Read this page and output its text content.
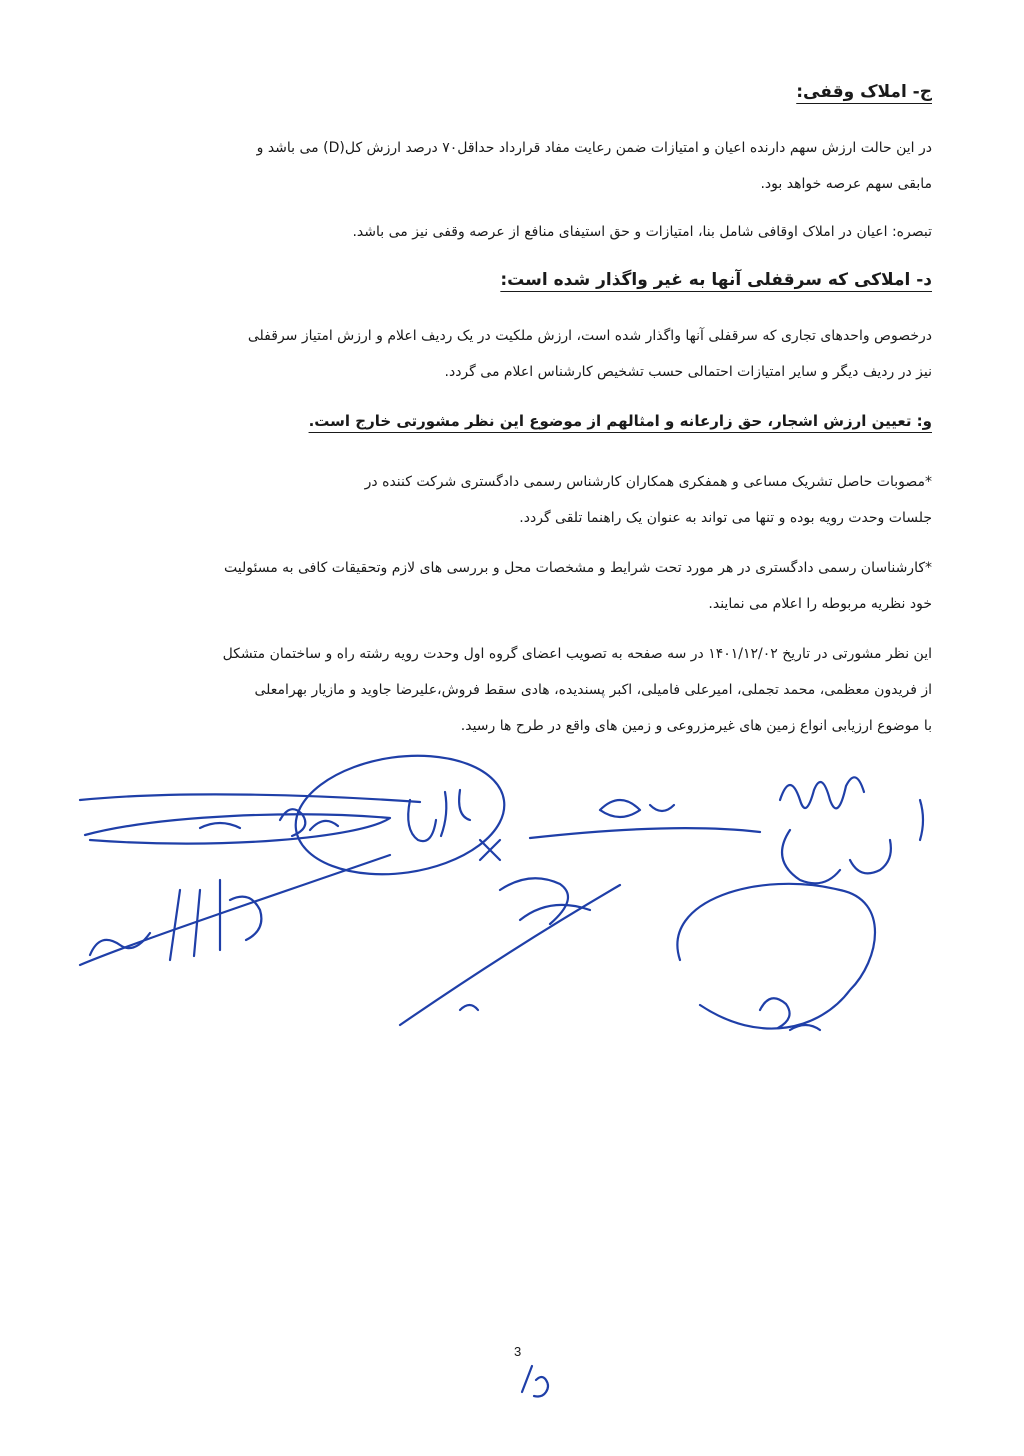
ج- املاک وقفی:

در این حالت ارزش سهم دارنده اعیان و امتیازات ضمن رعایت مفاد قرارداد حداقل۷۰ درصد ارزش کل(D) می باشد و

مابقی سهم عرصه خواهد بود.

تبصره: اعیان در املاک اوقافی شامل بنا، امتیازات و حق استیفای منافع از عرصه وقفی نیز می باشد.

د- املاکی که سرقفلی آنها به غیر واگذار شده است:

درخصوص واحدهای تجاری که سرقفلی آنها واگذار شده است، ارزش ملکیت در یک ردیف اعلام و ارزش امتیاز سرقفلی

نیز در ردیف دیگر و سایر امتیازات احتمالی حسب تشخیص کارشناس اعلام می گردد.

و: تعیین ارزش اشجار، حق زارعانه و امثالهم از موضوع این نظر مشورتی خارج است.

*مصوبات حاصل تشریک مساعی و همفکری همکاران کارشناس رسمی دادگستری شرکت کننده در

جلسات وحدت رویه بوده و تنها می تواند به عنوان یک راهنما تلقی گردد.

*کارشناسان رسمی دادگستری در هر مورد تحت شرایط و مشخصات محل و بررسی های لازم وتحقیقات کافی به مسئولیت

خود نظریه مربوطه را اعلام می نمایند.

این نظر مشورتی در تاریخ ۱۴۰۱/۱۲/۰۲ در سه صفحه به تصویب اعضای گروه اول وحدت رویه رشته راه و ساختمان متشکل

از فریدون معظمی، محمد تجملی، امیرعلی فامیلی، اکبر پسندیده، هادی سقط فروش،علیرضا جاوید و مازیار بهرامعلی

با موضوع ارزیابی انواع زمین های غیرمزروعی و زمین های واقع در طرح ها رسید.

3
